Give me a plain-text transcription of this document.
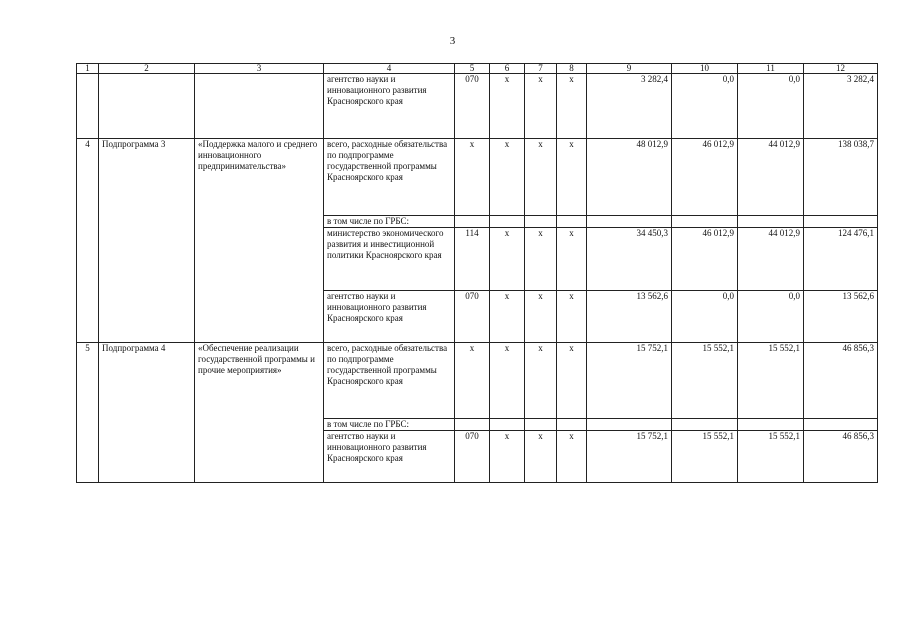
3
1	2	3	4	5	6	7	8	9	10	11	12
			агентство науки и инновационного развития Красноярского края	070	х	х	х	3 282,4	0,0	0,0	3 282,4
4	Подпрограмма 3	«Поддержка малого и среднего инновационного предпринимательства»	всего, расходные обязательства по подпрограмме государственной программы Красноярского края	х	х	х	х	48 012,9	46 012,9	44 012,9	138 038,7
			в том числе по ГРБС:								
			министерство экономического развития и инвестиционной политики Красноярского края	114	х	х	х	34 450,3	46 012,9	44 012,9	124 476,1
			агентство науки и инновационного развития Красноярского края	070	х	х	х	13 562,6	0,0	0,0	13 562,6
5	Подпрограмма 4	«Обеспечение реализации государственной программы и прочие мероприятия»	всего, расходные обязательства по подпрограмме государственной программы Красноярского края	х	х	х	х	15 752,1	15 552,1	15 552,1	46 856,3
			в том числе по ГРБС:								
			агентство науки и инновационного развития Красноярского края	070	х	х	х	15 752,1	15 552,1	15 552,1	46 856,3
